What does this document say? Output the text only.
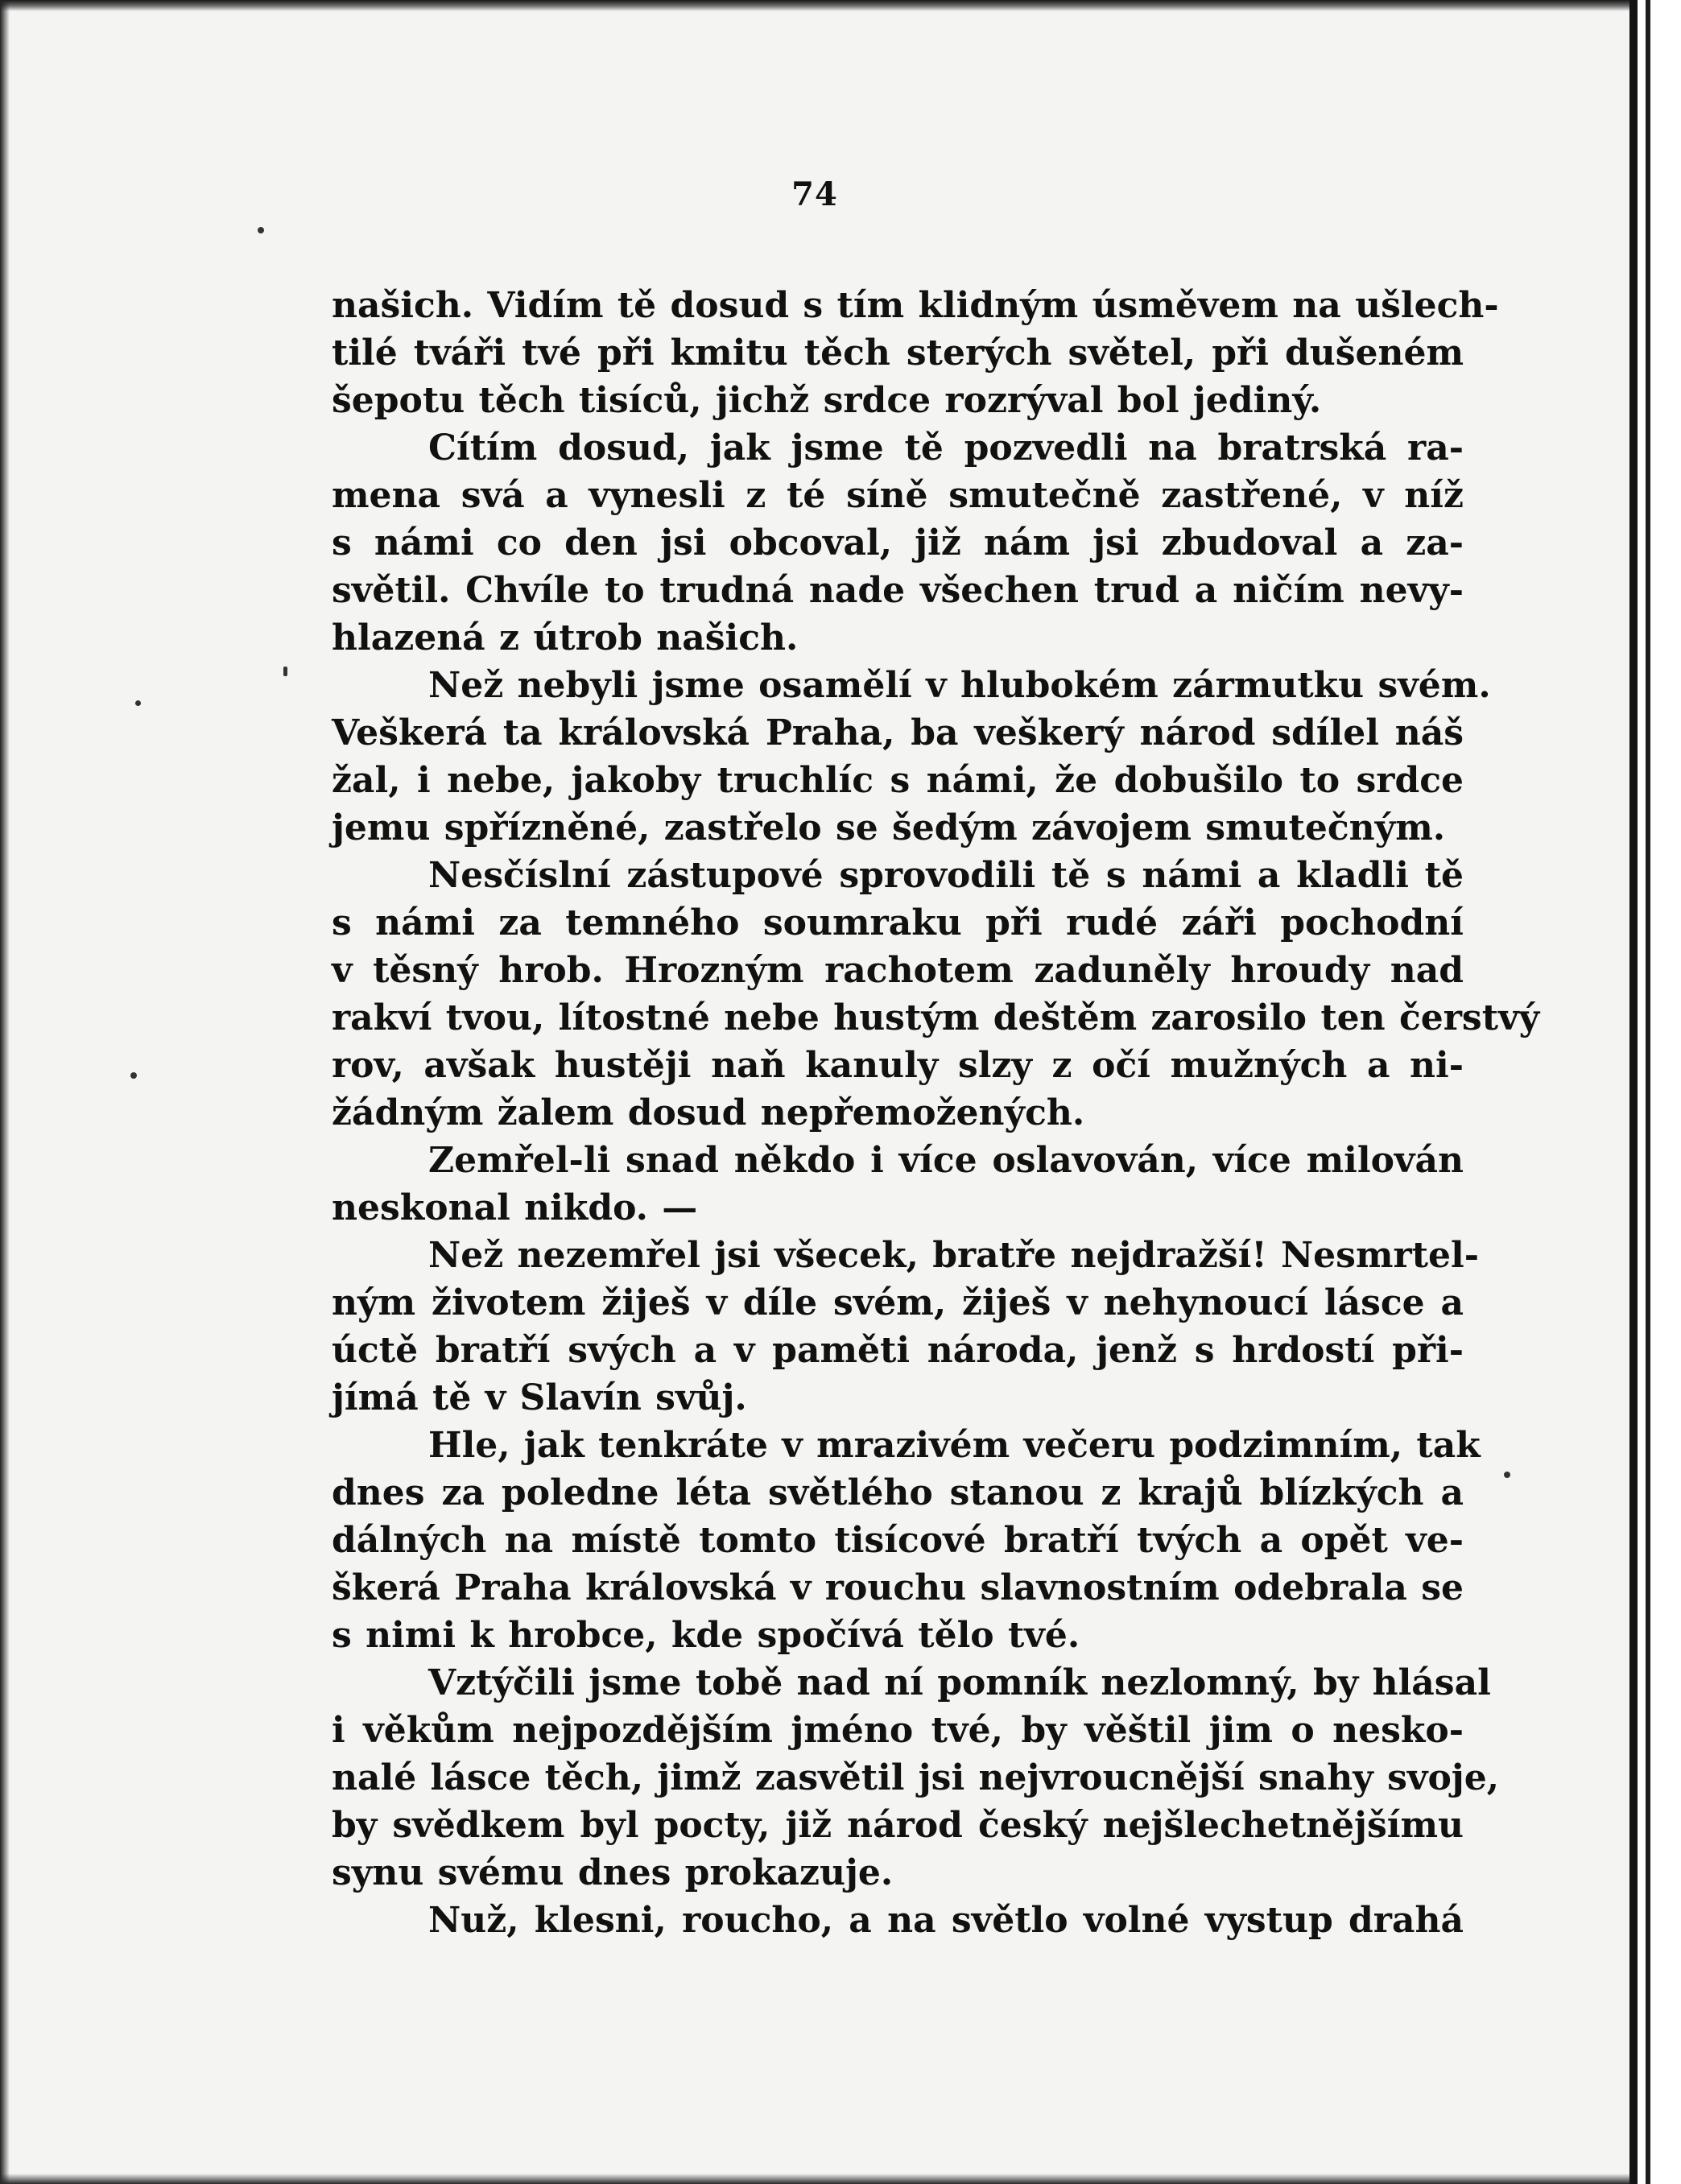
74
našich. Vidím tě dosud s tím klidným úsměvem na ušlech-
tilé tváři tvé při kmitu těch sterých světel, při dušeném
šepotu těch tisíců, jichž srdce rozrýval bol jediný.
Cítím dosud, jak jsme tě pozvedli na bratrská ra-
mena svá a vynesli z té síně smutečně zastřené, v níž
s námi co den jsi obcoval, již nám jsi zbudoval a za-
světil. Chvíle to trudná nade všechen trud a ničím nevy-
hlazená z útrob našich.
Než nebyli jsme osamělí v hlubokém zármutku svém.
Veškerá ta královská Praha, ba veškerý národ sdílel náš
žal, i nebe, jakoby truchlíc s námi, že dobušilo to srdce
jemu spřízněné, zastřelo se šedým závojem smutečným.
Nesčíslní zástupové sprovodili tě s námi a kladli tě
s námi za temného soumraku při rudé záři pochodní
v těsný hrob. Hrozným rachotem zaduněly hroudy nad
rakví tvou, lítostné nebe hustým deštěm zarosilo ten čerstvý
rov, avšak hustěji naň kanuly slzy z očí mužných a ni-
žádným žalem dosud nepřemožených.
Zemřel-li snad někdo i více oslavován, více milován
neskonal nikdo. —
Než nezemřel jsi všecek, bratře nejdražší! Nesmrtel-
ným životem žiješ v díle svém, žiješ v nehynoucí lásce a
úctě bratří svých a v paměti národa, jenž s hrdostí při-
jímá tě v Slavín svůj.
Hle, jak tenkráte v mrazivém večeru podzimním, tak
dnes za poledne léta světlého stanou z krajů blízkých a
dálných na místě tomto tisícové bratří tvých a opět ve-
škerá Praha královská v rouchu slavnostním odebrala se
s nimi k hrobce, kde spočívá tělo tvé.
Vztýčili jsme tobě nad ní pomník nezlomný, by hlásal
i věkům nejpozdějším jméno tvé, by věštil jim o nesko-
nalé lásce těch, jimž zasvětil jsi nejvroucnější snahy svoje,
by svědkem byl pocty, již národ český nejšlechetnějšímu
synu svému dnes prokazuje.
Nuž, klesni, roucho, a na světlo volné vystup drahá
